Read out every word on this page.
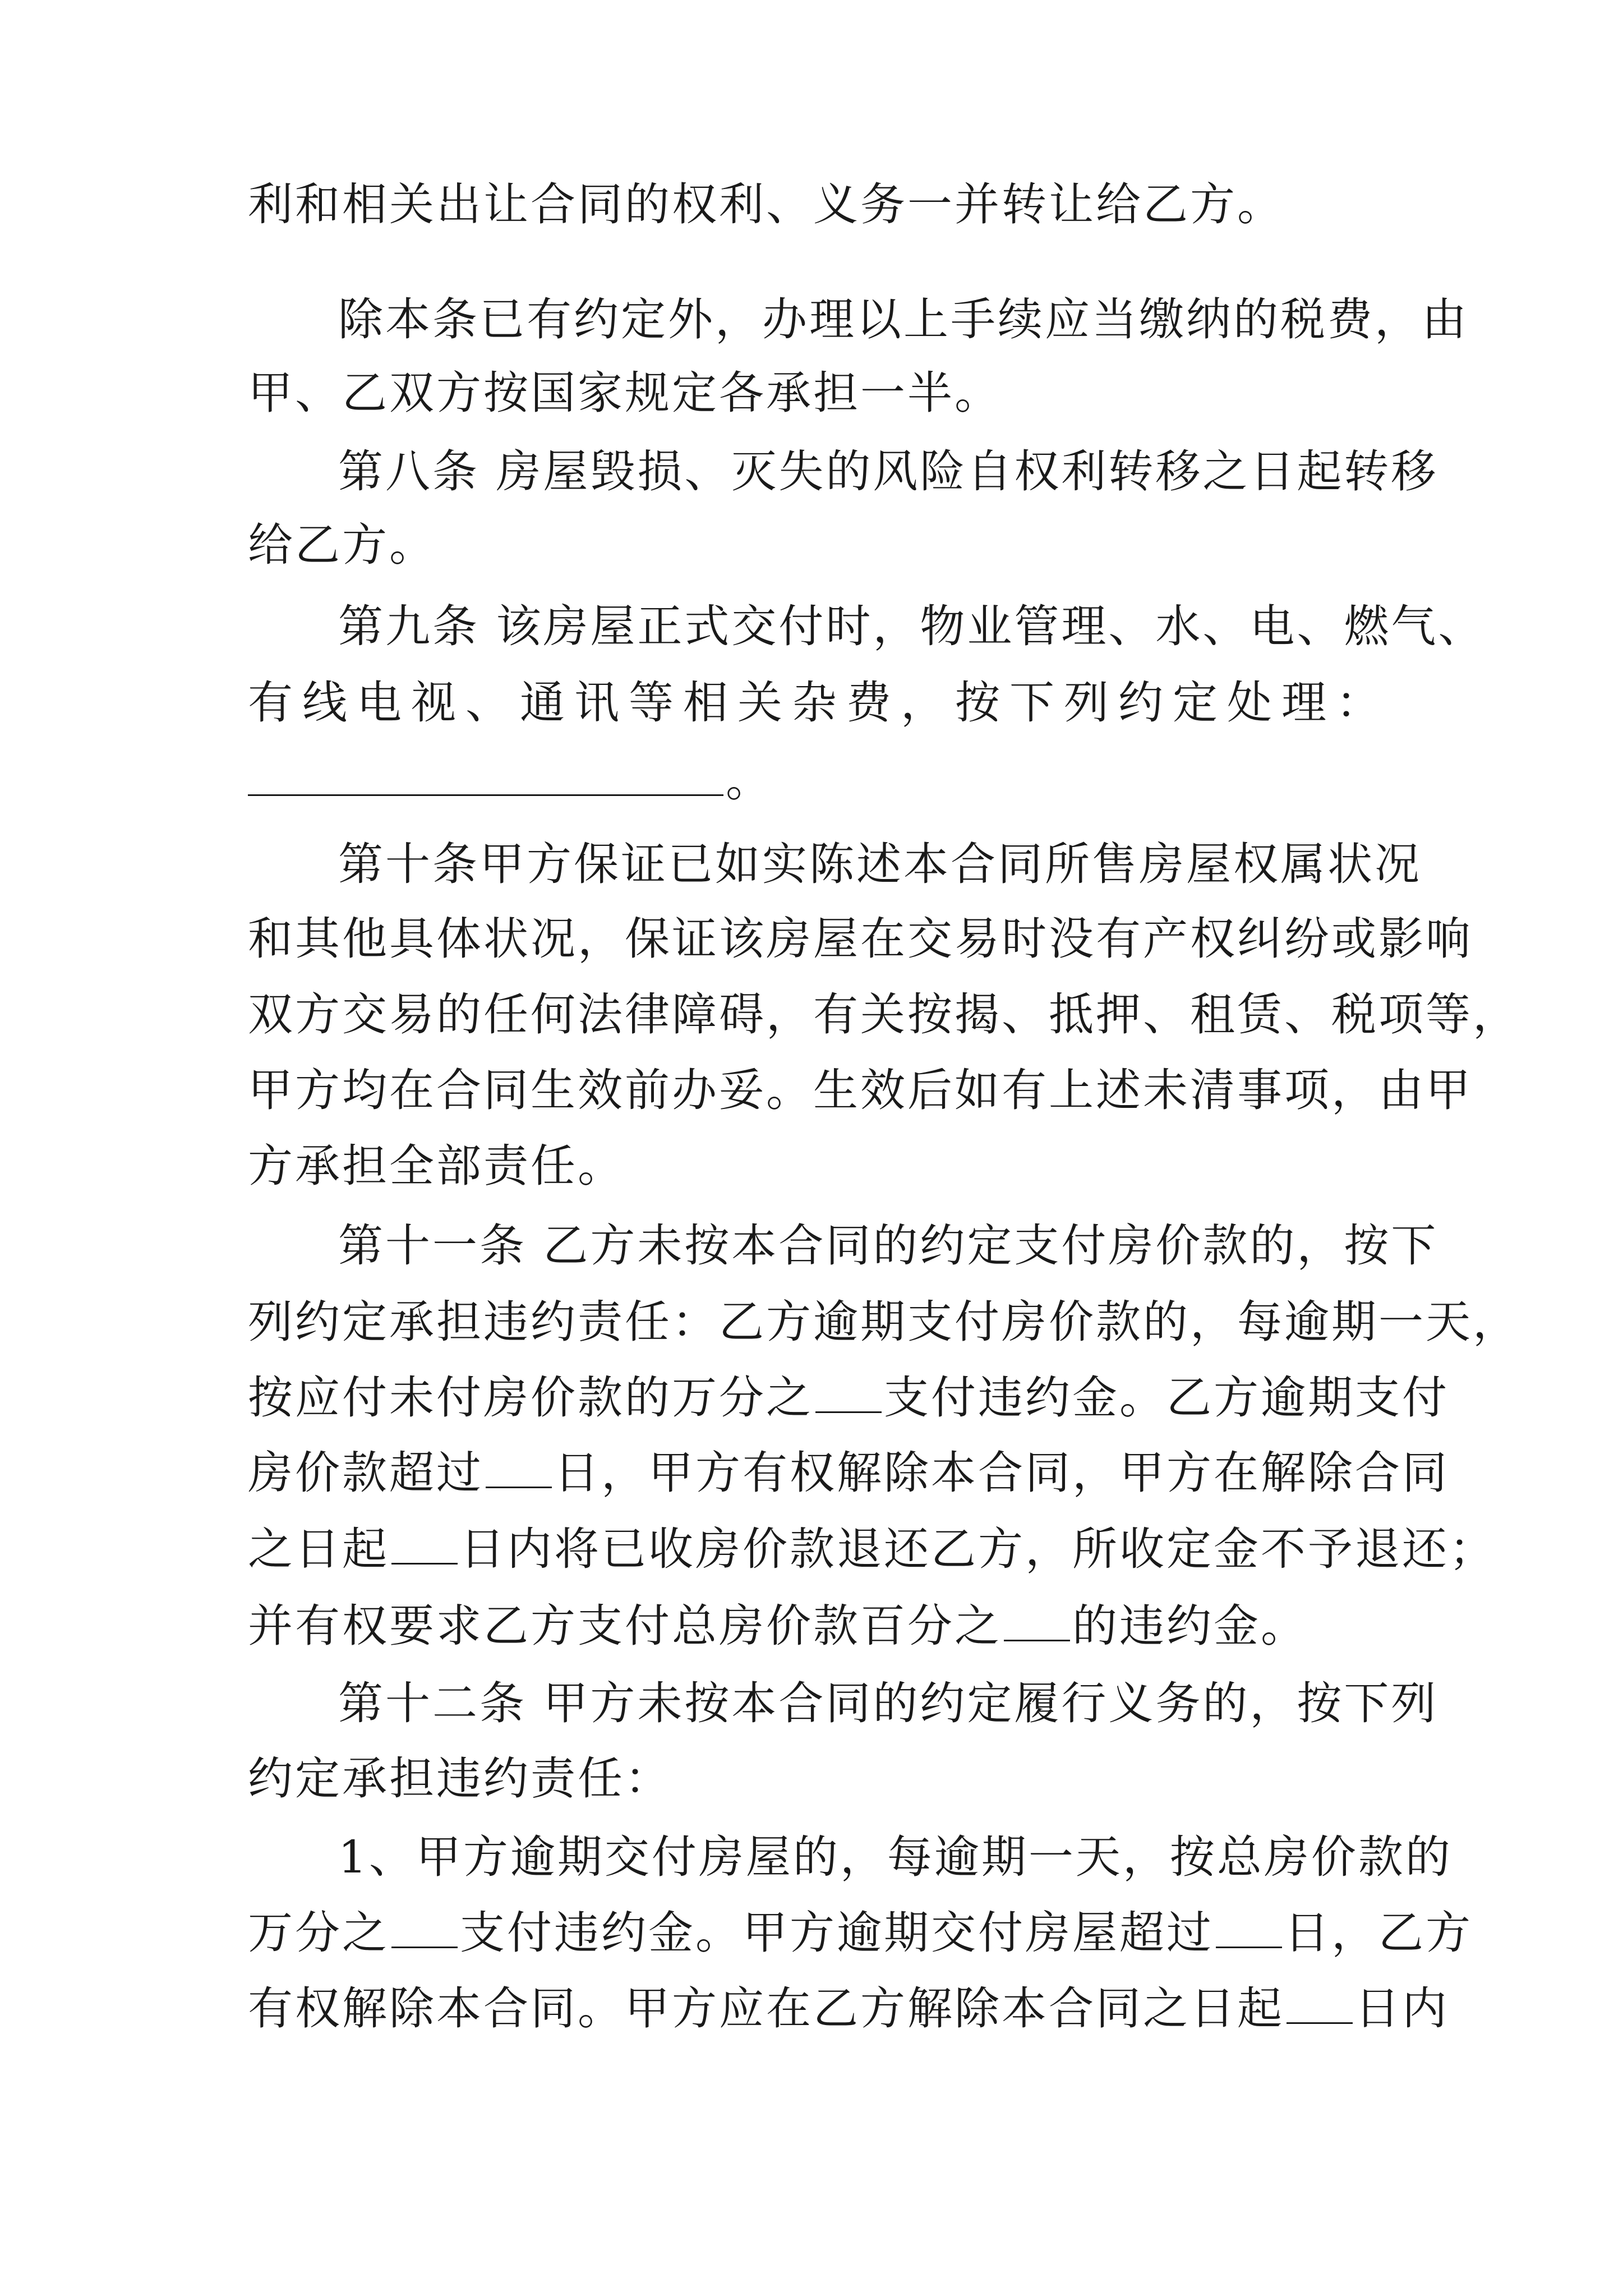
利和相关出让合同的权利、义务一并转让给乙方。
除本条已有约定外，办理以上手续应当缴纳的税费，由
甲、乙双方按国家规定各承担一半。
第八条 房屋毁损、灭失的风险自权利转移之日起转移
给乙方。
第九条 该房屋正式交付时，物业管理、水、电、燃气、
有 线 电 视 、 通 讯 等 相 关 杂 费 ， 按 下 列 约 定 处 理 ：
。
第十条甲方保证已如实陈述本合同所售房屋权属状况
和其他具体状况，保证该房屋在交易时没有产权纠纷或影响
双方交易的任何法律障碍，有关按揭、抵押、租赁、税项等，
甲方均在合同生效前办妥。生效后如有上述未清事项，由甲
方承担全部责任。
第十一条 乙方未按本合同的约定支付房价款的，按下
列约定承担违约责任：乙方逾期支付房价款的，每逾期一天，
按应付未付房价款的万分之 支付违约金。乙方逾期支付
房价款超过 日，甲方有权解除本合同，甲方在解除合同
之日起 日内将已收房价款退还乙方，所收定金不予退还；
并有权要求乙方支付总房价款百分之 的违约金。
第十二条 甲方未按本合同的约定履行义务的，按下列
约定承担违约责任：
1、甲方逾期交付房屋的，每逾期一天，按总房价款的
万分之 支付违约金。甲方逾期交付房屋超过 日，乙方
有权解除本合同。甲方应在乙方解除本合同之日起 日内
